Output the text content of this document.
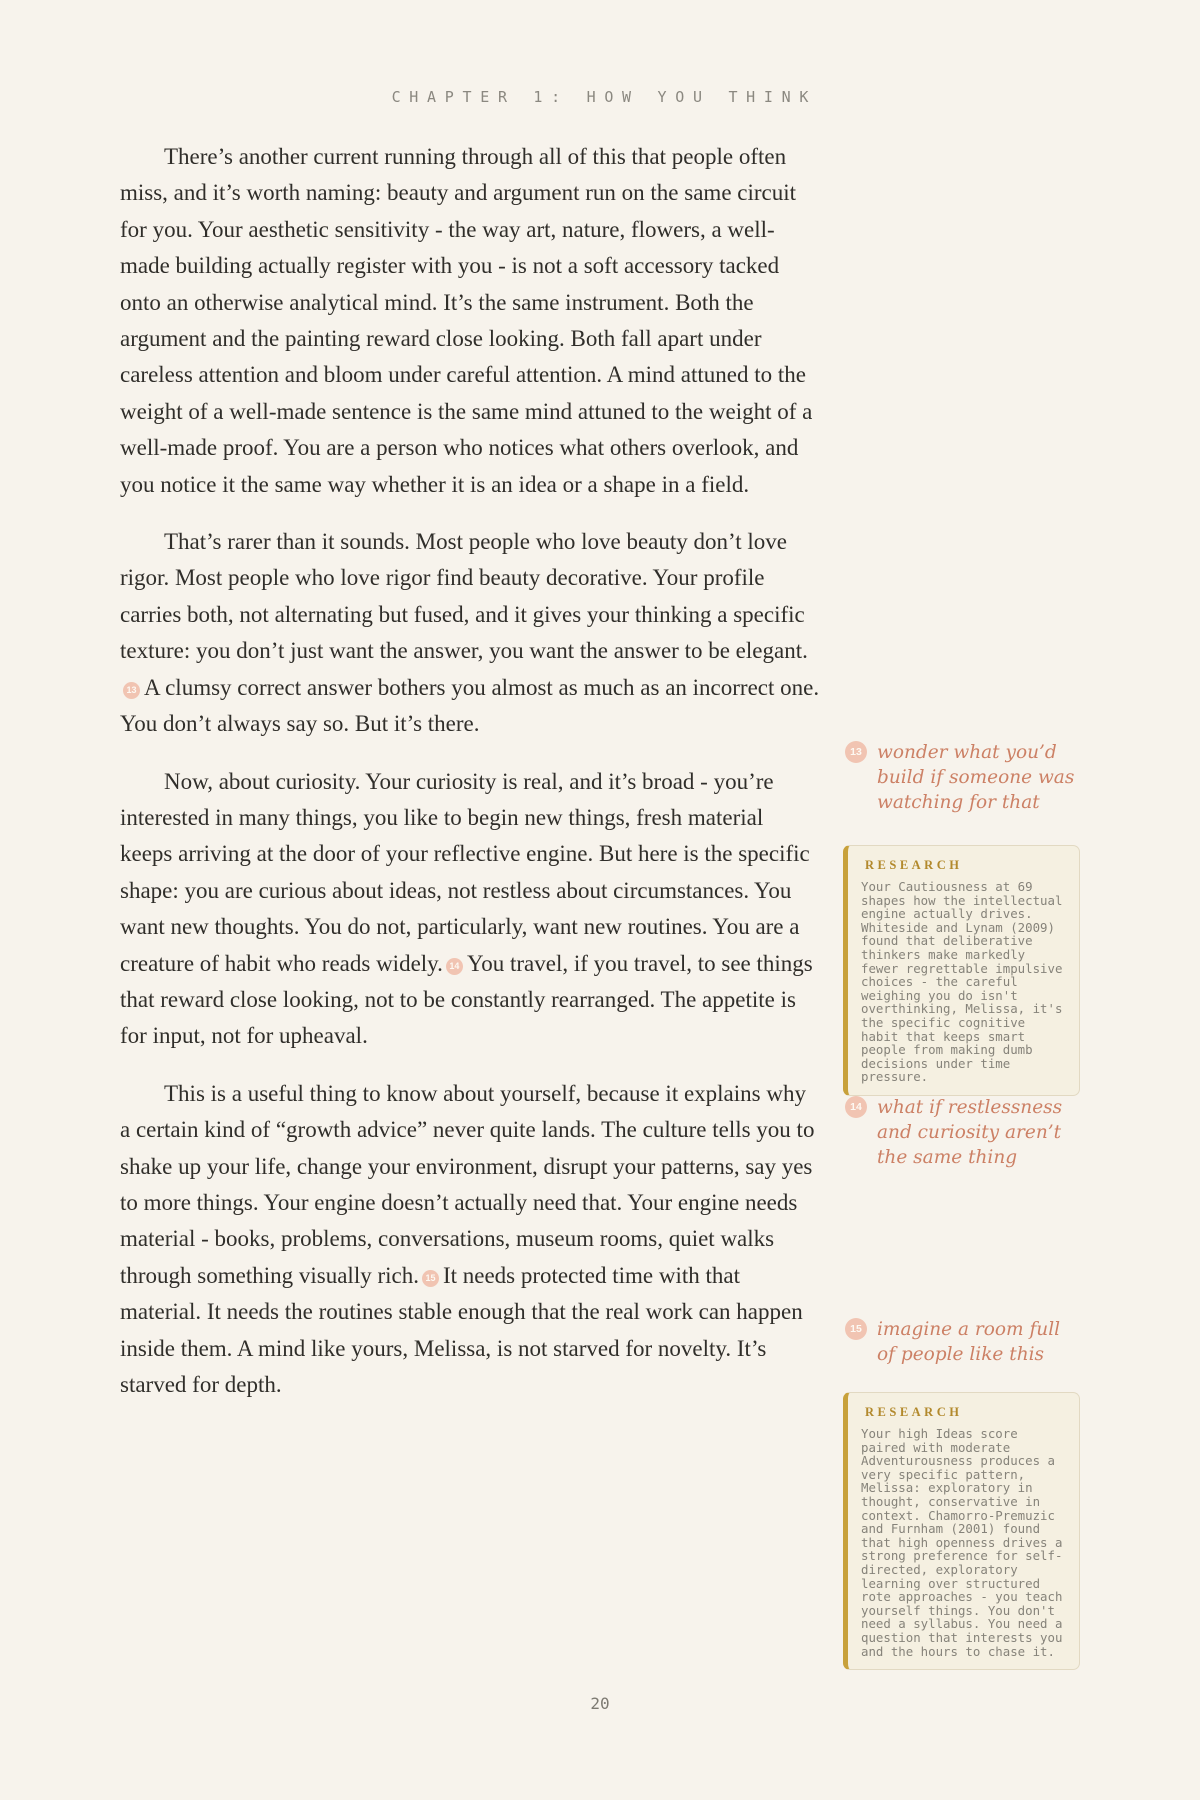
CHAPTER 1: HOW YOU THINK

There’s another current running through all of this that people often miss, and it’s worth naming: beauty and argument run on the same circuit for you. Your aesthetic sensitivity - the way art, nature, flowers, a well-made building actually register with you - is not a soft accessory tacked onto an otherwise analytical mind. It’s the same instrument. Both the argument and the painting reward close looking. Both fall apart under careless attention and bloom under careful attention. A mind attuned to the weight of a well-made sentence is the same mind attuned to the weight of a well-made proof. You are a person who notices what others overlook, and you notice it the same way whether it is an idea or a shape in a field.

That’s rarer than it sounds. Most people who love beauty don’t love rigor. Most people who love rigor find beauty decorative. Your profile carries both, not alternating but fused, and it gives your thinking a specific texture: you don’t just want the answer, you want the answer to be elegant.13 A clumsy correct answer bothers you almost as much as an incorrect one. You don’t always say so. But it’s there.

Now, about curiosity. Your curiosity is real, and it’s broad - you’re interested in many things, you like to begin new things, fresh material keeps arriving at the door of your reflective engine. But here is the specific shape: you are curious about ideas, not restless about circumstances. You want new thoughts. You do not, particularly, want new routines. You are a creature of habit who reads widely. 14 You travel, if you travel, to see things that reward close looking, not to be constantly rearranged. The appetite is for input, not for upheaval.

This is a useful thing to know about yourself, because it explains why a certain kind of “growth advice” never quite lands. The culture tells you to shake up your life, change your environment, disrupt your patterns, say yes to more things. Your engine doesn’t actually need that. Your engine needs material - books, problems, conversations, museum rooms, quiet walks through something visually rich. 15 It needs protected time with that material. It needs the routines stable enough that the real work can happen inside them. A mind like yours, Melissa, is not starved for novelty. It’s starved for depth.

13 wonder what you’d build if someone was watching for that
RESEARCH
Your Cautiousness at 69 shapes how the intellectual engine actually drives. Whiteside and Lynam (2009) found that deliberative thinkers make markedly fewer regrettable impulsive choices - the careful weighing you do isn't overthinking, Melissa, it's the specific cognitive habit that keeps smart people from making dumb decisions under time pressure.
14 what if restlessness and curiosity aren’t the same thing
15 imagine a room full of people like this
RESEARCH
Your high Ideas score paired with moderate Adventurousness produces a very specific pattern, Melissa: exploratory in thought, conservative in context. Chamorro-Premuzic and Furnham (2001) found that high openness drives a strong preference for self-directed, exploratory learning over structured rote approaches - you teach yourself things. You don't need a syllabus. You need a question that interests you and the hours to chase it.
20
